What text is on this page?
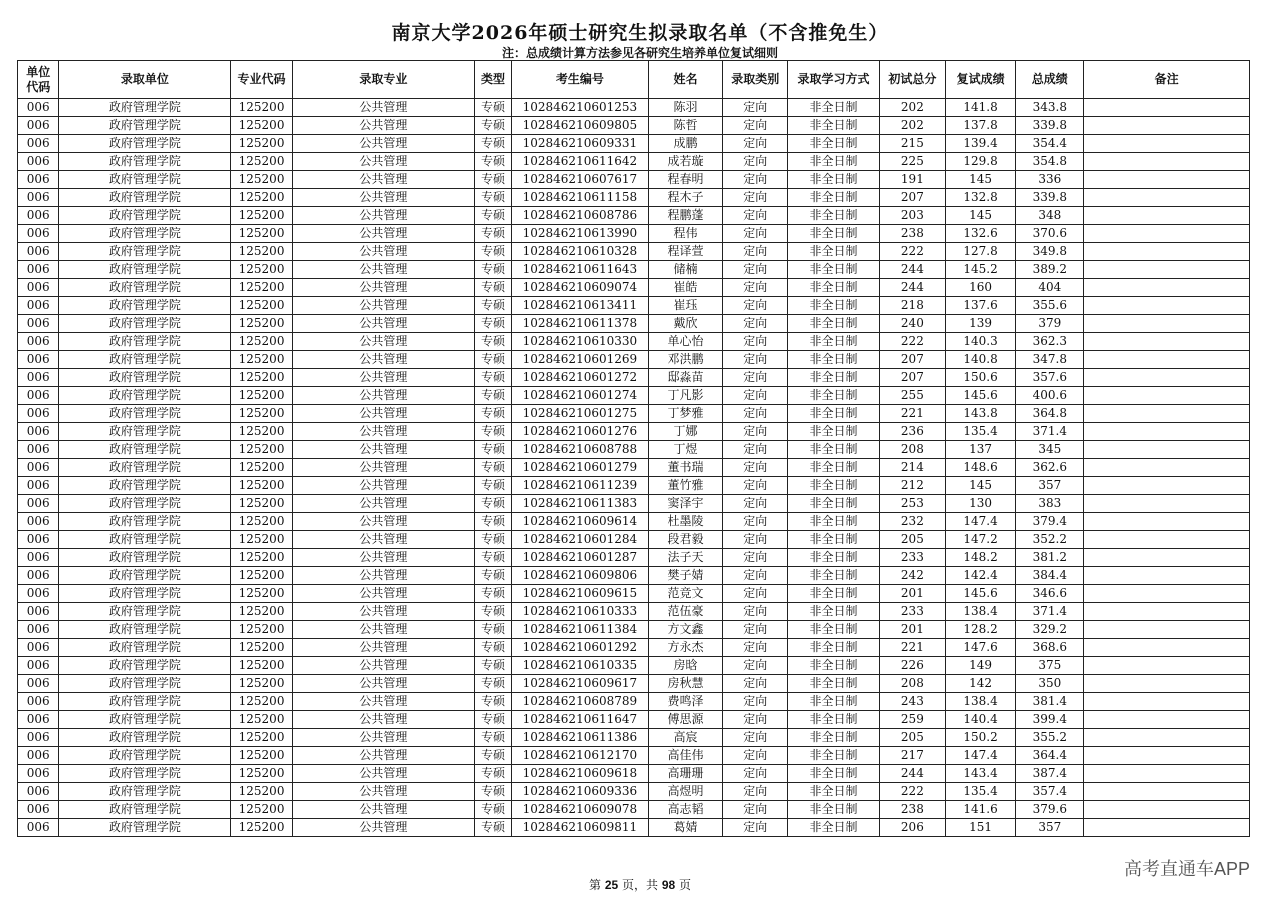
南京大学2026年硕士研究生拟录取名单（不含推免生）
注：总成绩计算方法参见各研究生培养单位复试细则
单位
代码	录取单位	专业代码	录取专业	类型	考生编号	姓名	录取类别	录取学习方式	初试总分	复试成绩	总成绩	备注
006	政府管理学院	125200	公共管理	专硕	102846210601253	陈羽	定向	非全日制	202	141.8	343.8	
006	政府管理学院	125200	公共管理	专硕	102846210609805	陈哲	定向	非全日制	202	137.8	339.8	
006	政府管理学院	125200	公共管理	专硕	102846210609331	成鹏	定向	非全日制	215	139.4	354.4	
006	政府管理学院	125200	公共管理	专硕	102846210611642	成若璇	定向	非全日制	225	129.8	354.8	
006	政府管理学院	125200	公共管理	专硕	102846210607617	程春明	定向	非全日制	191	145	336	
006	政府管理学院	125200	公共管理	专硕	102846210611158	程木子	定向	非全日制	207	132.8	339.8	
006	政府管理学院	125200	公共管理	专硕	102846210608786	程鹏蓬	定向	非全日制	203	145	348	
006	政府管理学院	125200	公共管理	专硕	102846210613990	程伟	定向	非全日制	238	132.6	370.6	
006	政府管理学院	125200	公共管理	专硕	102846210610328	程译萱	定向	非全日制	222	127.8	349.8	
006	政府管理学院	125200	公共管理	专硕	102846210611643	储楠	定向	非全日制	244	145.2	389.2	
006	政府管理学院	125200	公共管理	专硕	102846210609074	崔皓	定向	非全日制	244	160	404	
006	政府管理学院	125200	公共管理	专硕	102846210613411	崔珏	定向	非全日制	218	137.6	355.6	
006	政府管理学院	125200	公共管理	专硕	102846210611378	戴欣	定向	非全日制	240	139	379	
006	政府管理学院	125200	公共管理	专硕	102846210610330	单心怡	定向	非全日制	222	140.3	362.3	
006	政府管理学院	125200	公共管理	专硕	102846210601269	邓洪鹏	定向	非全日制	207	140.8	347.8	
006	政府管理学院	125200	公共管理	专硕	102846210601272	邸淼苗	定向	非全日制	207	150.6	357.6	
006	政府管理学院	125200	公共管理	专硕	102846210601274	丁凡影	定向	非全日制	255	145.6	400.6	
006	政府管理学院	125200	公共管理	专硕	102846210601275	丁梦雅	定向	非全日制	221	143.8	364.8	
006	政府管理学院	125200	公共管理	专硕	102846210601276	丁娜	定向	非全日制	236	135.4	371.4	
006	政府管理学院	125200	公共管理	专硕	102846210608788	丁煜	定向	非全日制	208	137	345	
006	政府管理学院	125200	公共管理	专硕	102846210601279	董书瑞	定向	非全日制	214	148.6	362.6	
006	政府管理学院	125200	公共管理	专硕	102846210611239	董竹雅	定向	非全日制	212	145	357	
006	政府管理学院	125200	公共管理	专硕	102846210611383	窦泽宇	定向	非全日制	253	130	383	
006	政府管理学院	125200	公共管理	专硕	102846210609614	杜墨陵	定向	非全日制	232	147.4	379.4	
006	政府管理学院	125200	公共管理	专硕	102846210601284	段君毅	定向	非全日制	205	147.2	352.2	
006	政府管理学院	125200	公共管理	专硕	102846210601287	法子天	定向	非全日制	233	148.2	381.2	
006	政府管理学院	125200	公共管理	专硕	102846210609806	樊子婧	定向	非全日制	242	142.4	384.4	
006	政府管理学院	125200	公共管理	专硕	102846210609615	范竞文	定向	非全日制	201	145.6	346.6	
006	政府管理学院	125200	公共管理	专硕	102846210610333	范伍豪	定向	非全日制	233	138.4	371.4	
006	政府管理学院	125200	公共管理	专硕	102846210611384	方文鑫	定向	非全日制	201	128.2	329.2	
006	政府管理学院	125200	公共管理	专硕	102846210601292	方永杰	定向	非全日制	221	147.6	368.6	
006	政府管理学院	125200	公共管理	专硕	102846210610335	房晗	定向	非全日制	226	149	375	
006	政府管理学院	125200	公共管理	专硕	102846210609617	房秋慧	定向	非全日制	208	142	350	
006	政府管理学院	125200	公共管理	专硕	102846210608789	费鸣泽	定向	非全日制	243	138.4	381.4	
006	政府管理学院	125200	公共管理	专硕	102846210611647	傅思源	定向	非全日制	259	140.4	399.4	
006	政府管理学院	125200	公共管理	专硕	102846210611386	高宸	定向	非全日制	205	150.2	355.2	
006	政府管理学院	125200	公共管理	专硕	102846210612170	高佳伟	定向	非全日制	217	147.4	364.4	
006	政府管理学院	125200	公共管理	专硕	102846210609618	高珊珊	定向	非全日制	244	143.4	387.4	
006	政府管理学院	125200	公共管理	专硕	102846210609336	高煜明	定向	非全日制	222	135.4	357.4	
006	政府管理学院	125200	公共管理	专硕	102846210609078	高志韬	定向	非全日制	238	141.6	379.6	
006	政府管理学院	125200	公共管理	专硕	102846210609811	葛婧	定向	非全日制	206	151	357	
第 25 页，共 98 页
高考直通车APP
